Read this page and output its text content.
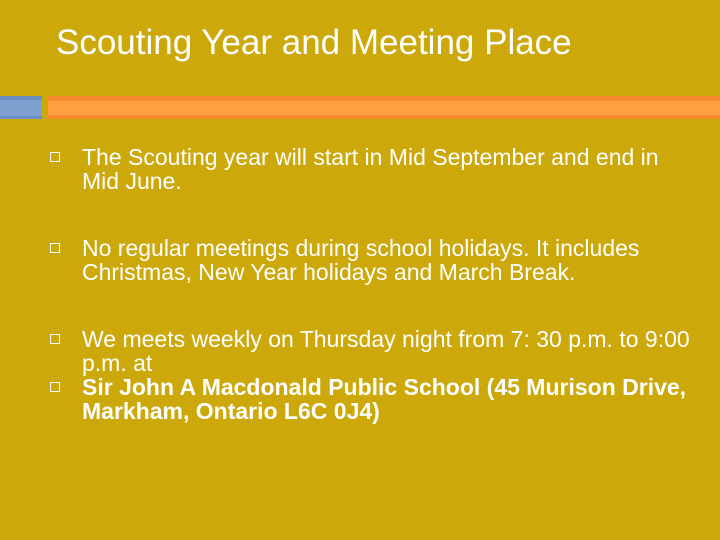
Scouting Year and Meeting Place
The Scouting year will start in Mid September and end in Mid June.
No regular meetings during school holidays. It includes Christmas, New Year holidays and March Break.
We meets weekly on Thursday night from 7: 30 p.m. to 9:00 p.m. at
Sir John A Macdonald Public School (45 Murison Drive, Markham, Ontario L6C 0J4)
